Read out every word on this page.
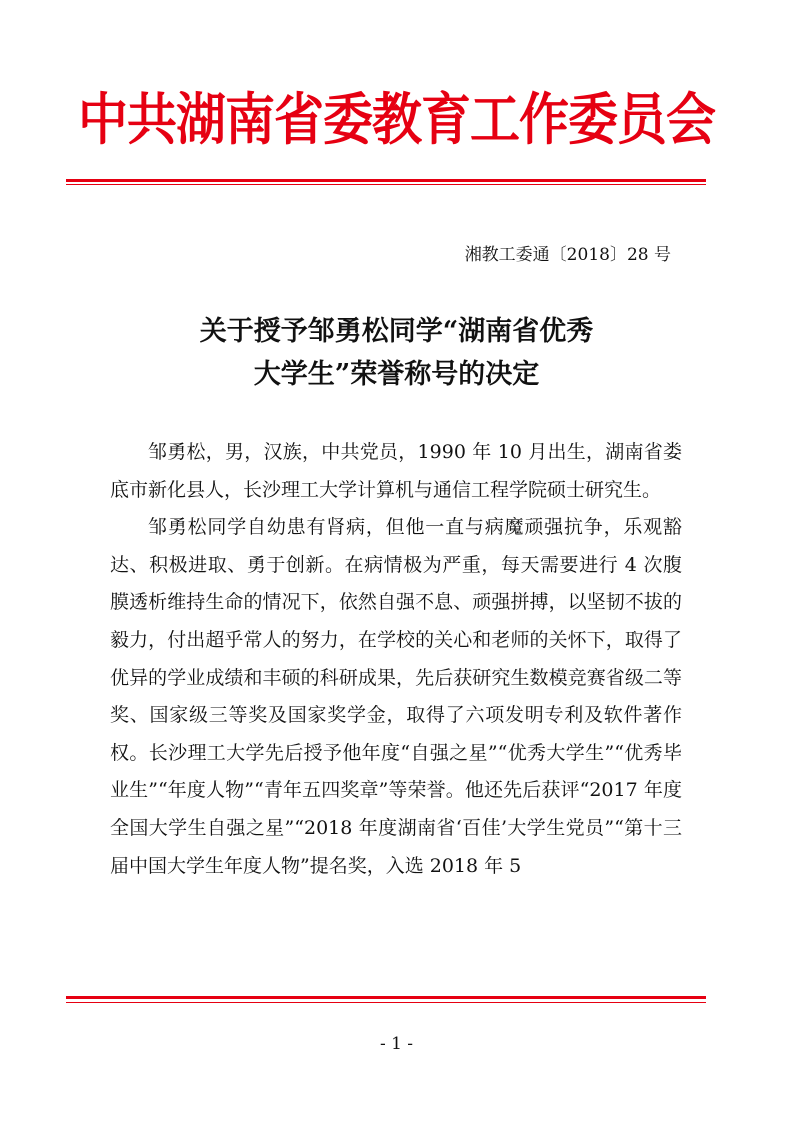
中共湖南省委教育工作委员会
湘教工委通〔2018〕28 号
关于授予邹勇松同学“湖南省优秀
大学生”荣誉称号的决定

邹勇松，男，汉族，中共党员，1990 年 10 月出生，湖南省娄底市新化县人，长沙理工大学计算机与通信工程学院硕士研究生。

邹勇松同学自幼患有肾病，但他一直与病魔顽强抗争，乐观豁达、积极进取、勇于创新。在病情极为严重，每天需要进行 4 次腹膜透析维持生命的情况下，依然自强不息、顽强拼搏，以坚韧不拔的毅力，付出超乎常人的努力，在学校的关心和老师的关怀下，取得了优异的学业成绩和丰硕的科研成果，先后获研究生数模竞赛省级二等奖、国家级三等奖及国家奖学金，取得了六项发明专利及软件著作权。长沙理工大学先后授予他年度“自强之星”“优秀大学生”“优秀毕业生”“年度人物”“青年五四奖章”等荣誉。他还先后获评“2017 年度全国大学生自强之星”“2018 年度湖南省‘百佳’大学生党员”“第十三届中国大学生年度人物”提名奖，入选 2018 年 5

- 1 -
